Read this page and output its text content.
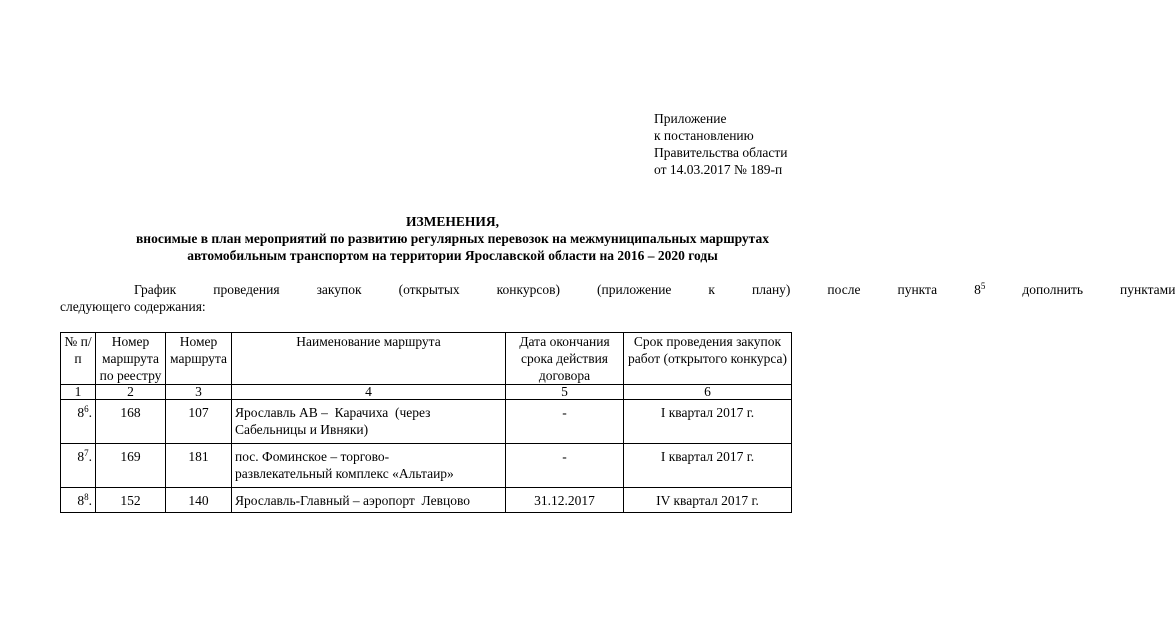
Приложение
к постановлению
Правительства области
от 14.03.2017 № 189-п
ИЗМЕНЕНИЯ,
вносимые в план мероприятий по развитию регулярных перевозок на межмуниципальных маршрутах
автомобильным транспортом на территории Ярославской области на 2016 – 2020 годы
График	проведения	закупок	(открытых	конкурсов)	(приложение	к	плану)	после	пункта	$8^5$	дополнить	пунктами
следующего содержания:
№ п/п	Номер маршрута по реестру	Номер маршрута	Наименование маршрута	Дата окончания срока действия договора	Срок проведения закупок работ (открытого конкурса)
1	2	3	4	5	6
$8^6$.	168	107	Ярославль АВ –  Карачиха  (через
Сабельницы и Ивняки)	-	I квартал 2017 г.
$8^7$.	169	181	пос. Фоминское – торгово-
развлекательный комплекс «Альтаир»	-	I квартал 2017 г.
$8^8$.	152	140	Ярославль-Главный – аэропорт  Левцово	31.12.2017	IV квартал 2017 г.
